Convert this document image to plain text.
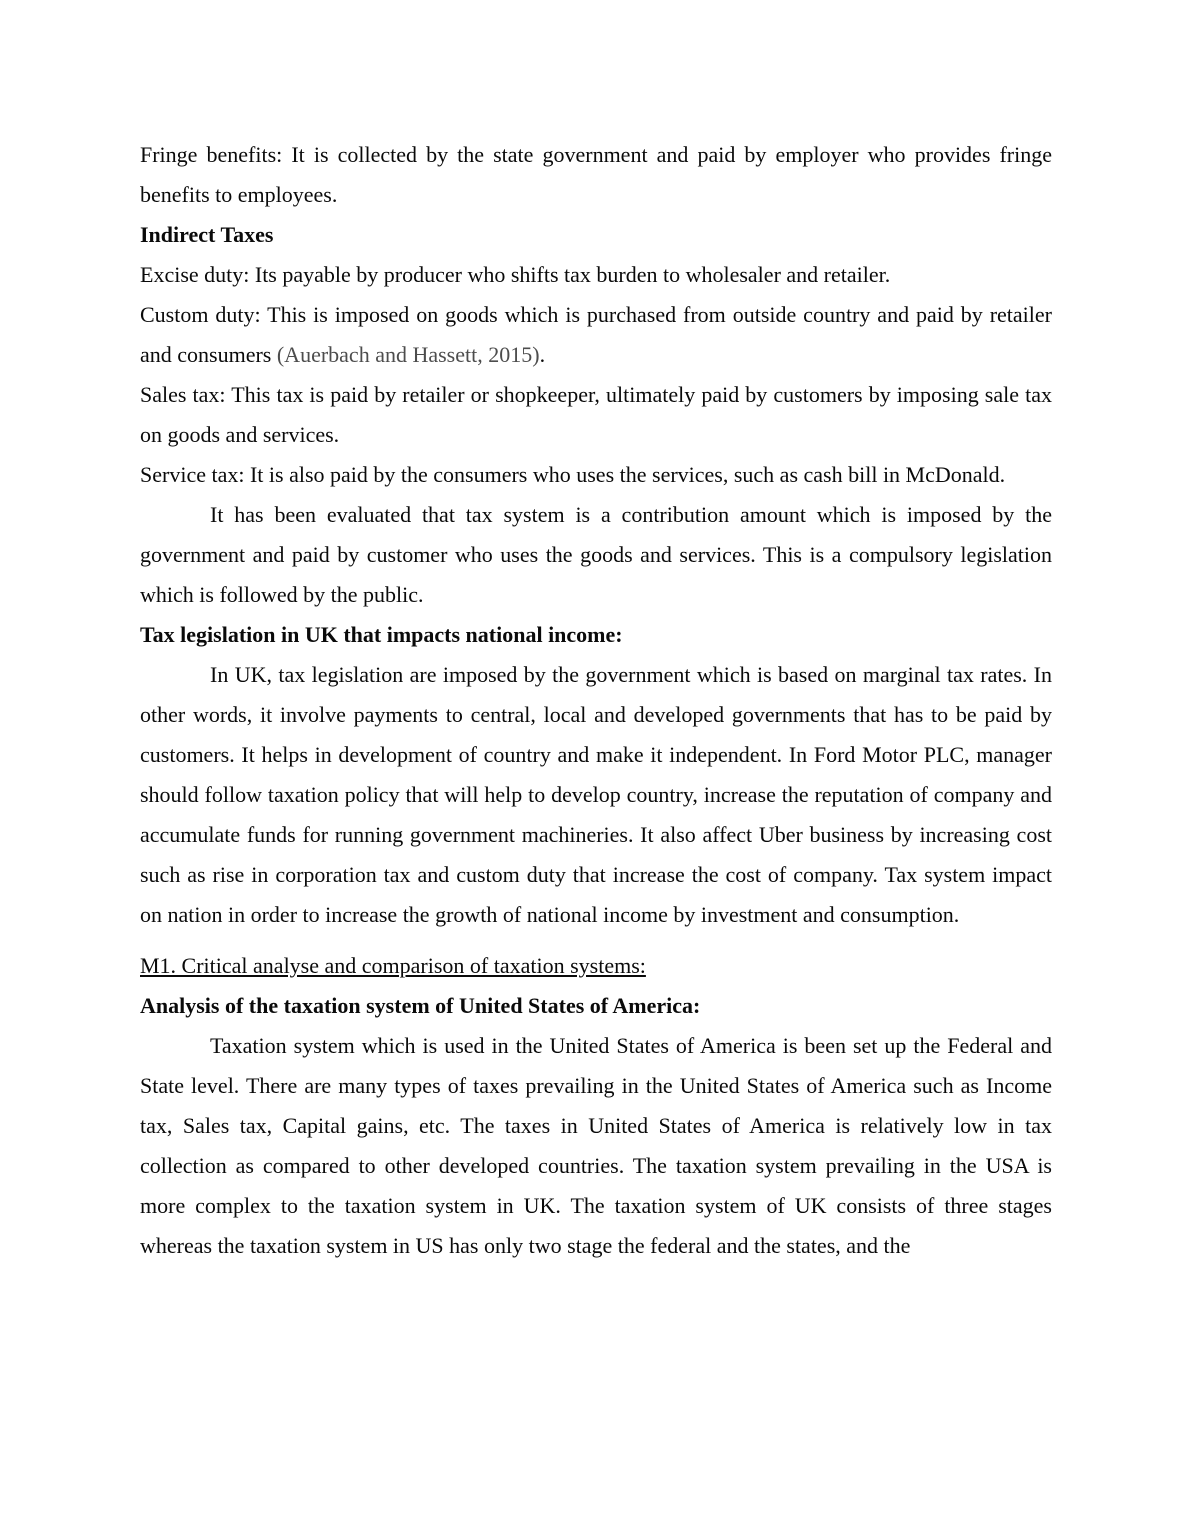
Fringe benefits: It is collected by the state government and paid by employer who provides fringe benefits to employees.

Indirect Taxes

Excise duty: Its payable by producer who shifts tax burden to wholesaler and retailer.

Custom duty: This is imposed on goods which is purchased from outside country and paid by retailer and consumers (Auerbach and Hassett, 2015).

Sales tax: This tax is paid by retailer or shopkeeper, ultimately paid by customers by imposing sale tax on goods and services.

Service tax: It is also paid by the consumers who uses the services, such as cash bill in McDonald.

It has been evaluated that tax system is a contribution amount which is imposed by the government and paid by customer who uses the goods and services. This is a compulsory legislation which is followed by the public.

Tax legislation in UK that impacts national income:

In UK, tax legislation are imposed by the government which is based on marginal tax rates. In other words, it involve payments to central, local and developed governments that has to be paid by customers. It helps in development of country and make it independent. In Ford Motor PLC, manager should follow taxation policy that will help to develop country, increase the reputation of company and accumulate funds for running government machineries. It also affect Uber business by increasing cost such as rise in corporation tax and custom duty that increase the cost of company. Tax system impact on nation in order to increase the growth of national income by investment and consumption.

M1. Critical analyse and comparison of taxation systems:

Analysis of the taxation system of United States of America:

Taxation system which is used in the United States of America is been set up the Federal and State level. There are many types of taxes prevailing in the United States of America such as Income tax, Sales tax, Capital gains, etc. The taxes in United States of America is relatively low in tax collection as compared to other developed countries. The taxation system prevailing in the USA is more complex to the taxation system in UK. The taxation system of UK consists of three stages whereas the taxation system in US has only two stage the federal and the states, and the
